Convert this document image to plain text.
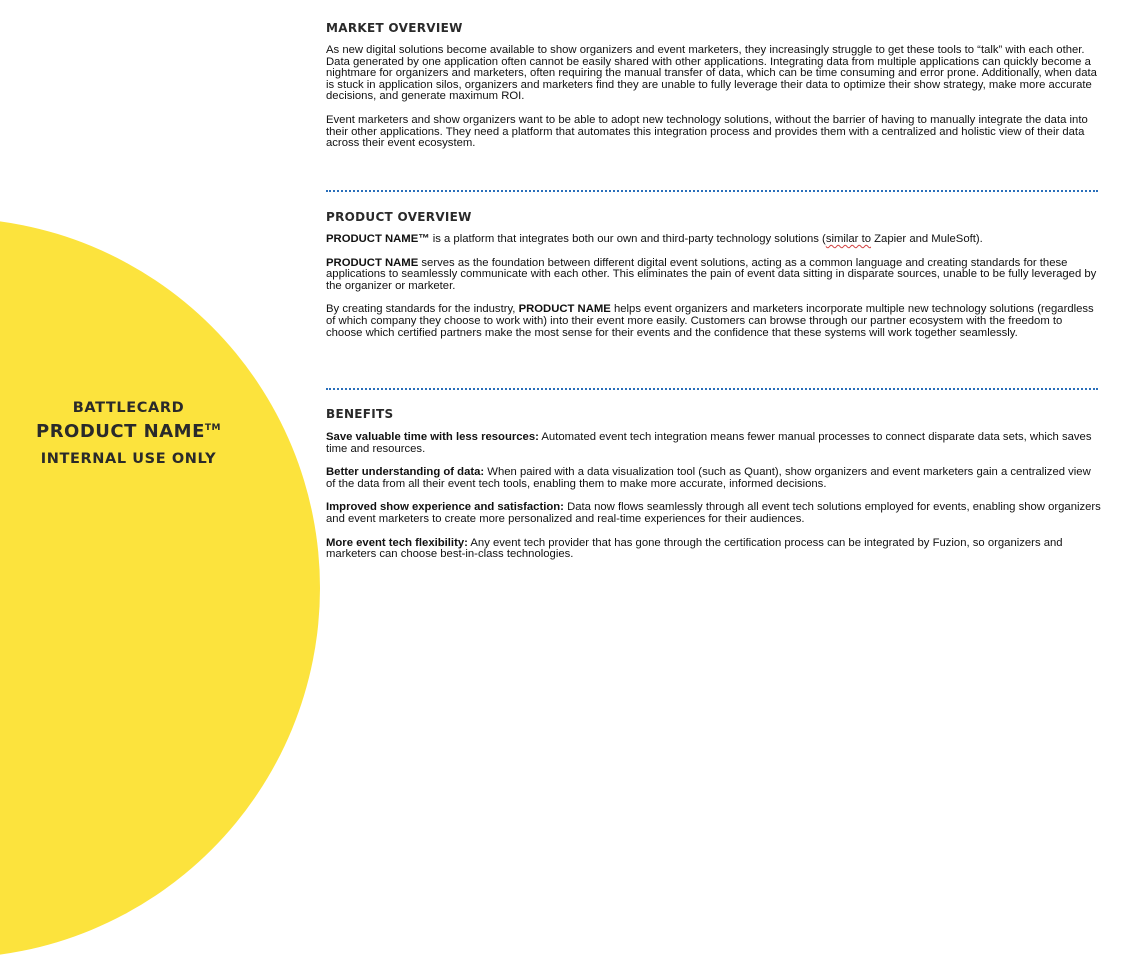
BATTLECARD
PRODUCT NAME™
INTERNAL USE ONLY
MARKET OVERVIEW

As new digital solutions become available to show organizers and event marketers, they increasingly struggle to get these tools to “talk” with each other. Data generated by one application often cannot be easily shared with other applications. Integrating data from multiple applications can quickly become a nightmare for organizers and marketers, often requiring the manual transfer of data, which can be time consuming and error prone. Additionally, when data is stuck in application silos, organizers and marketers find they are unable to fully leverage their data to optimize their show strategy, make more accurate decisions, and generate maximum ROI.

Event marketers and show organizers want to be able to adopt new technology solutions, without the barrier of having to manually integrate the data into their other applications. They need a platform that automates this integration process and provides them with a centralized and holistic view of their data across their event ecosystem.

PRODUCT OVERVIEW

PRODUCT NAME™ is a platform that integrates both our own and third-party technology solutions (similar to Zapier and MuleSoft).

PRODUCT NAME serves as the foundation between different digital event solutions, acting as a common language and creating standards for these applications to seamlessly communicate with each other. This eliminates the pain of event data sitting in disparate sources, unable to be fully leveraged by the organizer or marketer.

By creating standards for the industry, PRODUCT NAME helps event organizers and marketers incorporate multiple new technology solutions (regardless of which company they choose to work with) into their event more easily. Customers can browse through our partner ecosystem with the freedom to choose which certified partners make the most sense for their events and the confidence that these systems will work together seamlessly.

BENEFITS

Save valuable time with less resources: Automated event tech integration means fewer manual processes to connect disparate data sets, which saves time and resources.

Better understanding of data: When paired with a data visualization tool (such as Quant), show organizers and event marketers gain a centralized view of the data from all their event tech tools, enabling them to make more accurate, informed decisions.

Improved show experience and satisfaction: Data now flows seamlessly through all event tech solutions employed for events, enabling show organizers and event marketers to create more personalized and real-time experiences for their audiences.

More event tech flexibility: Any event tech provider that has gone through the certification process can be integrated by Fuzion, so organizers and marketers can choose best-in-class technologies.
